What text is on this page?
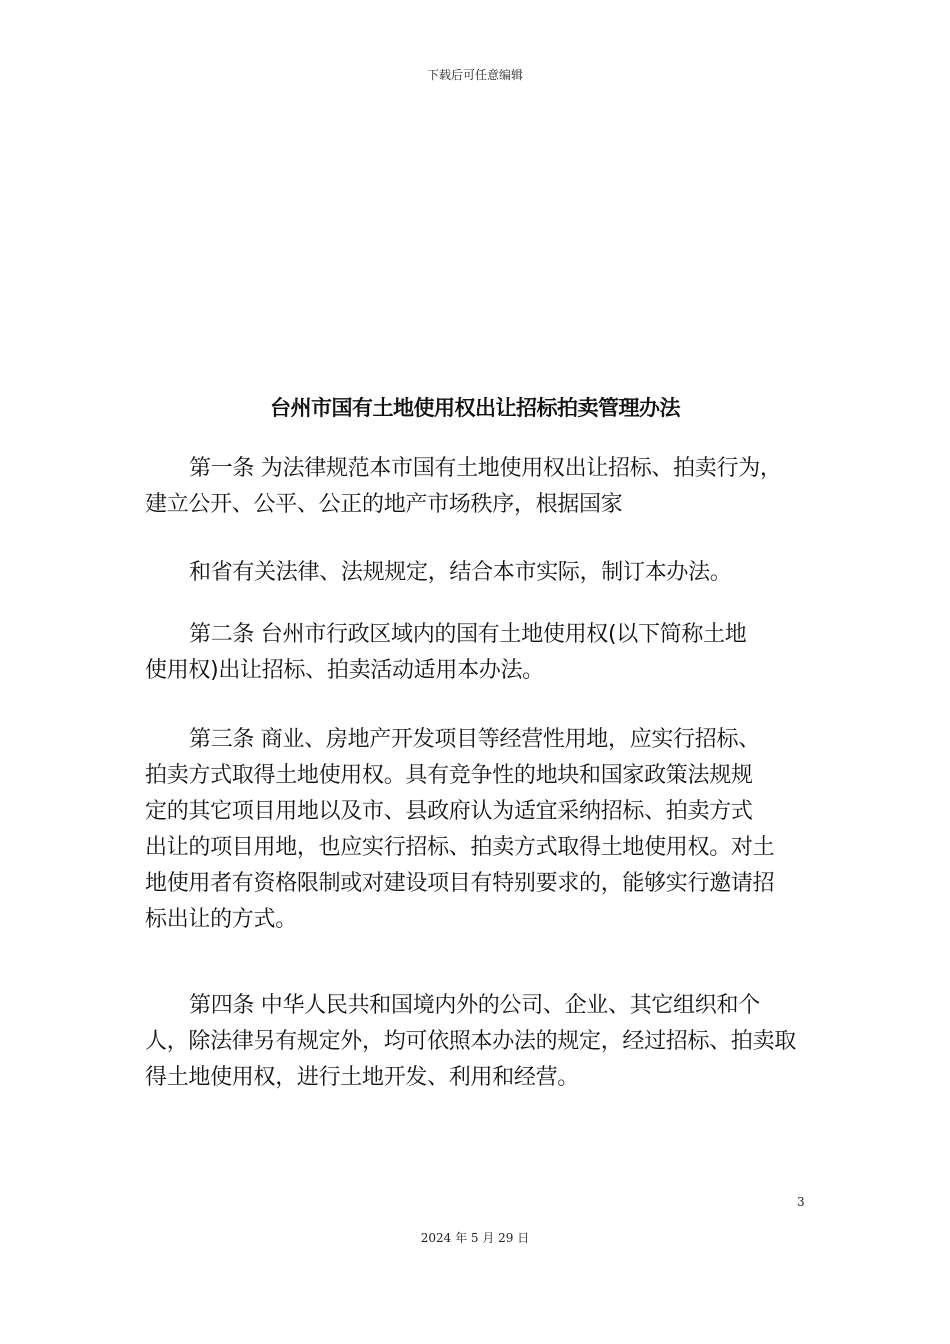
下载后可任意编辑
台州市国有土地使用权出让招标拍卖管理办法
第一条 为法律规范本市国有土地使用权出让招标、拍卖行为，
建立公开、公平、公正的地产市场秩序，根据国家
和省有关法律、法规规定，结合本市实际，制订本办法。
第二条 台州市行政区域内的国有土地使用权(以下简称土地
使用权)出让招标、拍卖活动适用本办法。
第三条 商业、房地产开发项目等经营性用地，应实行招标、
拍卖方式取得土地使用权。具有竞争性的地块和国家政策法规规
定的其它项目用地以及市、县政府认为适宜采纳招标、拍卖方式
出让的项目用地，也应实行招标、拍卖方式取得土地使用权。对土
地使用者有资格限制或对建设项目有特别要求的，能够实行邀请招
标出让的方式。
第四条 中华人民共和国境内外的公司、企业、其它组织和个
人，除法律另有规定外，均可依照本办法的规定，经过招标、拍卖取
得土地使用权，进行土地开发、利用和经营。
3
2024 年 5 月 29 日
